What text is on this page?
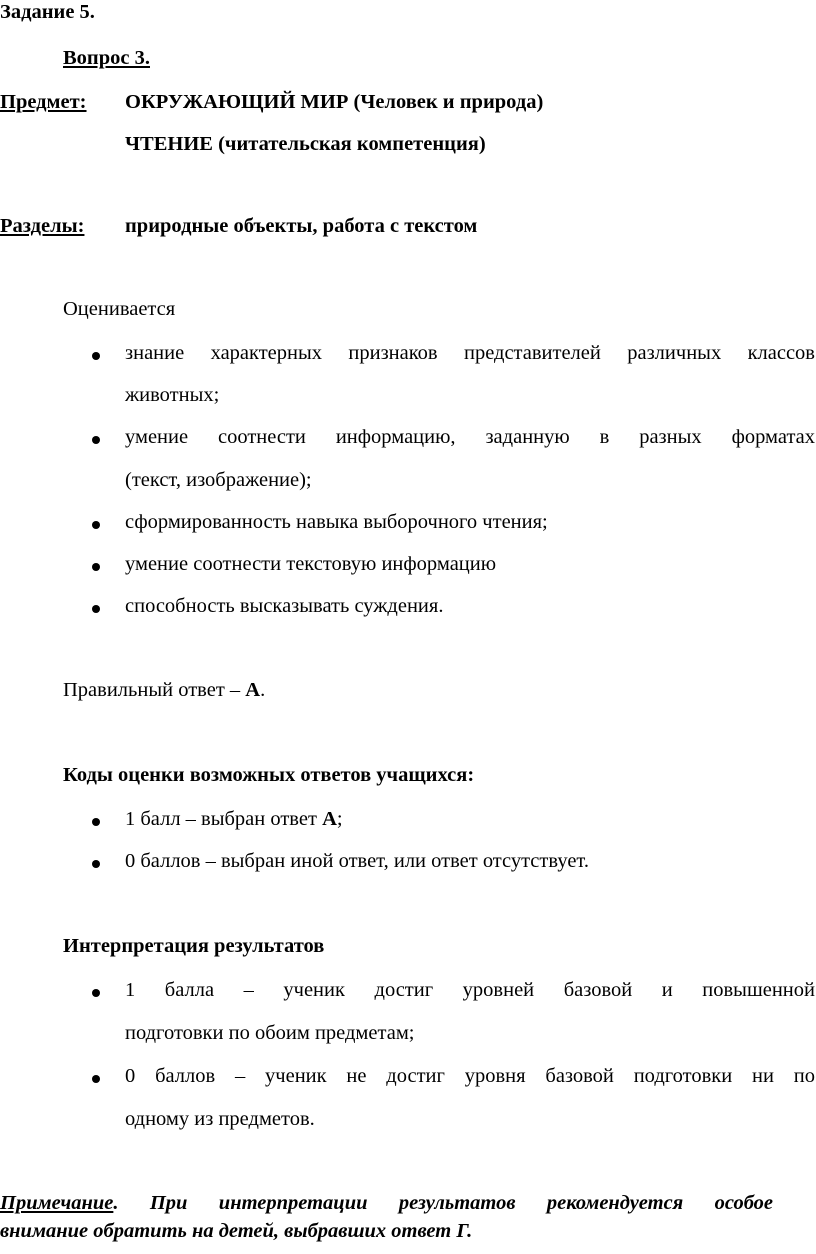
Задание 5.
Вопрос 3.
Предмет: ОКРУЖАЮЩИЙ МИР (Человек и природа)
ЧТЕНИЕ (читательская компетенция)
Разделы: природные объекты, работа с текстом
Оценивается
знание характерных признаков представителей различных классов
животных;
умение соотнести информацию, заданную в разных форматах
(текст, изображение);
сформированность навыка выборочного чтения;
умение соотнести текстовую информацию
способность высказывать суждения.
Правильный ответ – А.
Коды оценки возможных ответов учащихся:
1 балл – выбран ответ А;
0 баллов – выбран иной ответ, или ответ отсутствует.
Интерпретация результатов
1 балла – ученик достиг уровней базовой и повышенной
подготовки по обоим предметам;
0 баллов – ученик не достиг уровня базовой подготовки ни по
одному из предметов.
Примечание. При интерпретации результатов рекомендуется особое
внимание обратить на детей, выбравших ответ Г.
